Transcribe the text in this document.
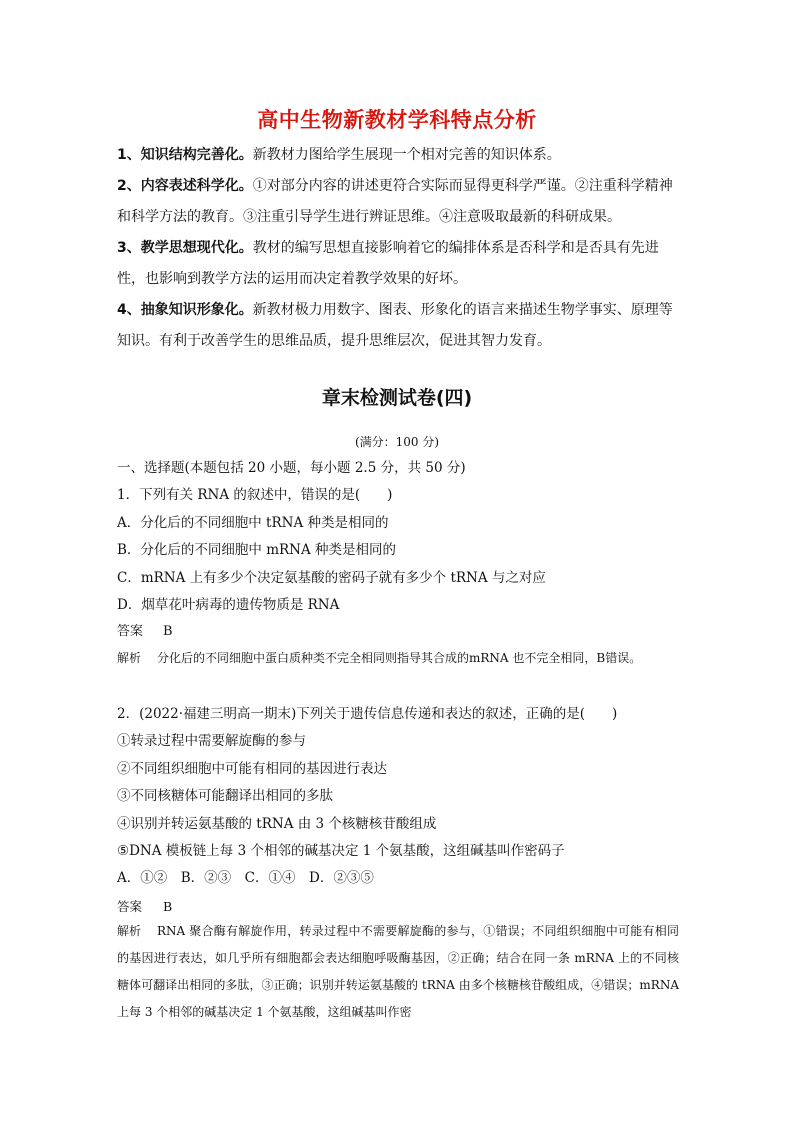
高中生物新教材学科特点分析

1、知识结构完善化。新教材力图给学生展现一个相对完善的知识体系。

2、内容表述科学化。①对部分内容的讲述更符合实际而显得更科学严谨。②注重科学精神和科学方法的教育。③注重引导学生进行辨证思维。④注意吸取最新的科研成果。

3、教学思想现代化。教材的编写思想直接影响着它的编排体系是否科学和是否具有先进性，也影响到教学方法的运用而决定着教学效果的好坏。

4、抽象知识形象化。新教材极力用数字、图表、形象化的语言来描述生物学事实、原理等知识。有利于改善学生的思维品质，提升思维层次，促进其智力发育。

章末检测试卷(四)
(满分：100 分)

一、选择题(本题包括 20 小题，每小题 2.5 分，共 50 分)

1．下列有关 RNA 的叙述中，错误的是(　　)

A．分化后的不同细胞中 tRNA 种类是相同的

B．分化后的不同细胞中 mRNA 种类是相同的

C．mRNA 上有多少个决定氨基酸的密码子就有多少个 tRNA 与之对应

D．烟草花叶病毒的遗传物质是 RNA

答案 B

解析 分化后的不同细胞中蛋白质种类不完全相同则指导其合成的mRNA 也不完全相同，B错误。

2．(2022·福建三明高一期末)下列关于遗传信息传递和表达的叙述，正确的是(　　)

①转录过程中需要解旋酶的参与

②不同组织细胞中可能有相同的基因进行表达

③不同核糖体可能翻译出相同的多肽

④识别并转运氨基酸的 tRNA 由 3 个核糖核苷酸组成

⑤DNA 模板链上每 3 个相邻的碱基决定 1 个氨基酸，这组碱基叫作密码子

A．①②　B．②③　C．①④　D．②③⑤

答案 B

解析 RNA 聚合酶有解旋作用，转录过程中不需要解旋酶的参与，①错误；不同组织细胞中可能有相同的基因进行表达，如几乎所有细胞都会表达细胞呼吸酶基因，②正确；结合在同一条 mRNA 上的不同核糖体可翻译出相同的多肽，③正确；识别并转运氨基酸的 tRNA 由多个核糖核苷酸组成，④错误；mRNA 上每 3 个相邻的碱基决定 1 个氨基酸，这组碱基叫作密
